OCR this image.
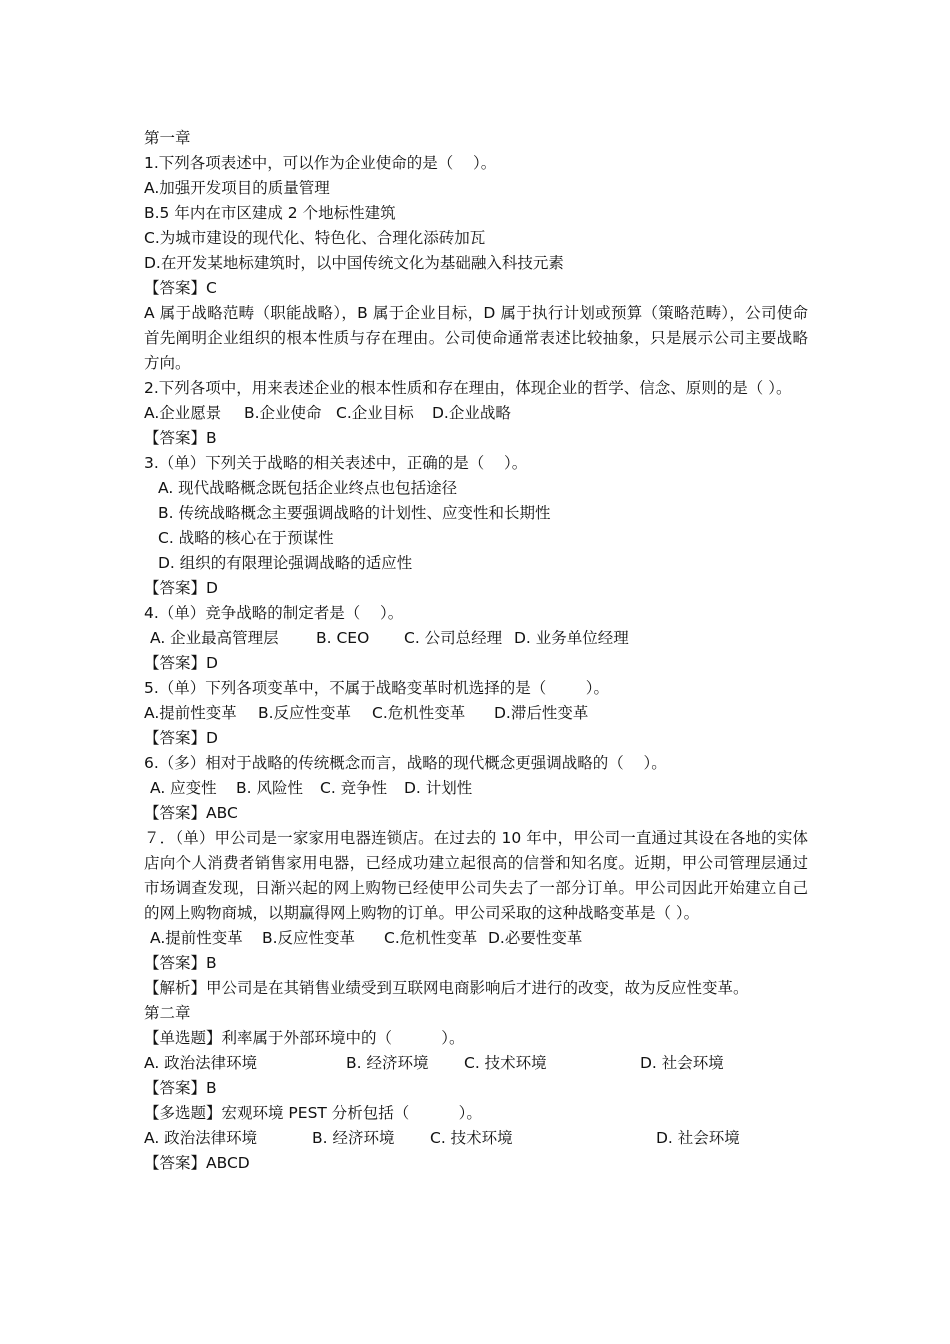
第一章

1.下列各项表述中，可以作为企业使命的是（    ）。

A.加强开发项目的质量管理

B.5 年内在市区建成 2 个地标性建筑

C.为城市建设的现代化、特色化、合理化添砖加瓦

D.在开发某地标建筑时，以中国传统文化为基础融入科技元素

【答案】C

A 属于战略范畴（职能战略），B 属于企业目标，D 属于执行计划或预算（策略范畴），公司使命首先阐明企业组织的根本性质与存在理由。公司使命通常表述比较抽象，只是展示公司主要战略方向。

2.下列各项中，用来表述企业的根本性质和存在理由，体现企业的哲学、信念、原则的是（ ）。

A.企业愿景 B.企业使命 C.企业目标 D.企业战略

【答案】B

3.（单）下列关于战略的相关表述中，正确的是（    ）。

A. 现代战略概念既包括企业终点也包括途径

B. 传统战略概念主要强调战略的计划性、应变性和长期性

C. 战略的核心在于预谋性

D. 组织的有限理论强调战略的适应性

【答案】D

4.（单）竞争战略的制定者是（    ）。

A. 企业最高管理层 B. CEO C. 公司总经理 D. 业务单位经理

【答案】D

5.（单）下列各项变革中，不属于战略变革时机选择的是（        ）。

A.提前性变革 B.反应性变革 C.危机性变革 D.滞后性变革

【答案】D

6.（多）相对于战略的传统概念而言，战略的现代概念更强调战略的（    ）。

A. 应变性 B. 风险性 C. 竞争性 D. 计划性

【答案】ABC

７．（单）甲公司是一家家用电器连锁店。在过去的 10 年中，甲公司一直通过其设在各地的实体店向个人消费者销售家用电器，已经成功建立起很高的信誉和知名度。近期，甲公司管理层通过市场调查发现，日渐兴起的网上购物已经使甲公司失去了一部分订单。甲公司因此开始建立自己的网上购物商城，以期赢得网上购物的订单。甲公司采取的这种战略变革是（ ）。

A.提前性变革 B.反应性变革 C.危机性变革 D.必要性变革

【答案】B

【解析】甲公司是在其销售业绩受到互联网电商影响后才进行的改变，故为反应性变革。

第二章

【单选题】利率属于外部环境中的（          ）。

A. 政治法律环境	B. 经济环境 C. 技术环境	D. 社会环境

【答案】B

【多选题】宏观环境 PEST 分析包括（          ）。

A. 政治法律环境	B. 经济环境 C. 技术环境	D. 社会环境

【答案】ABCD
